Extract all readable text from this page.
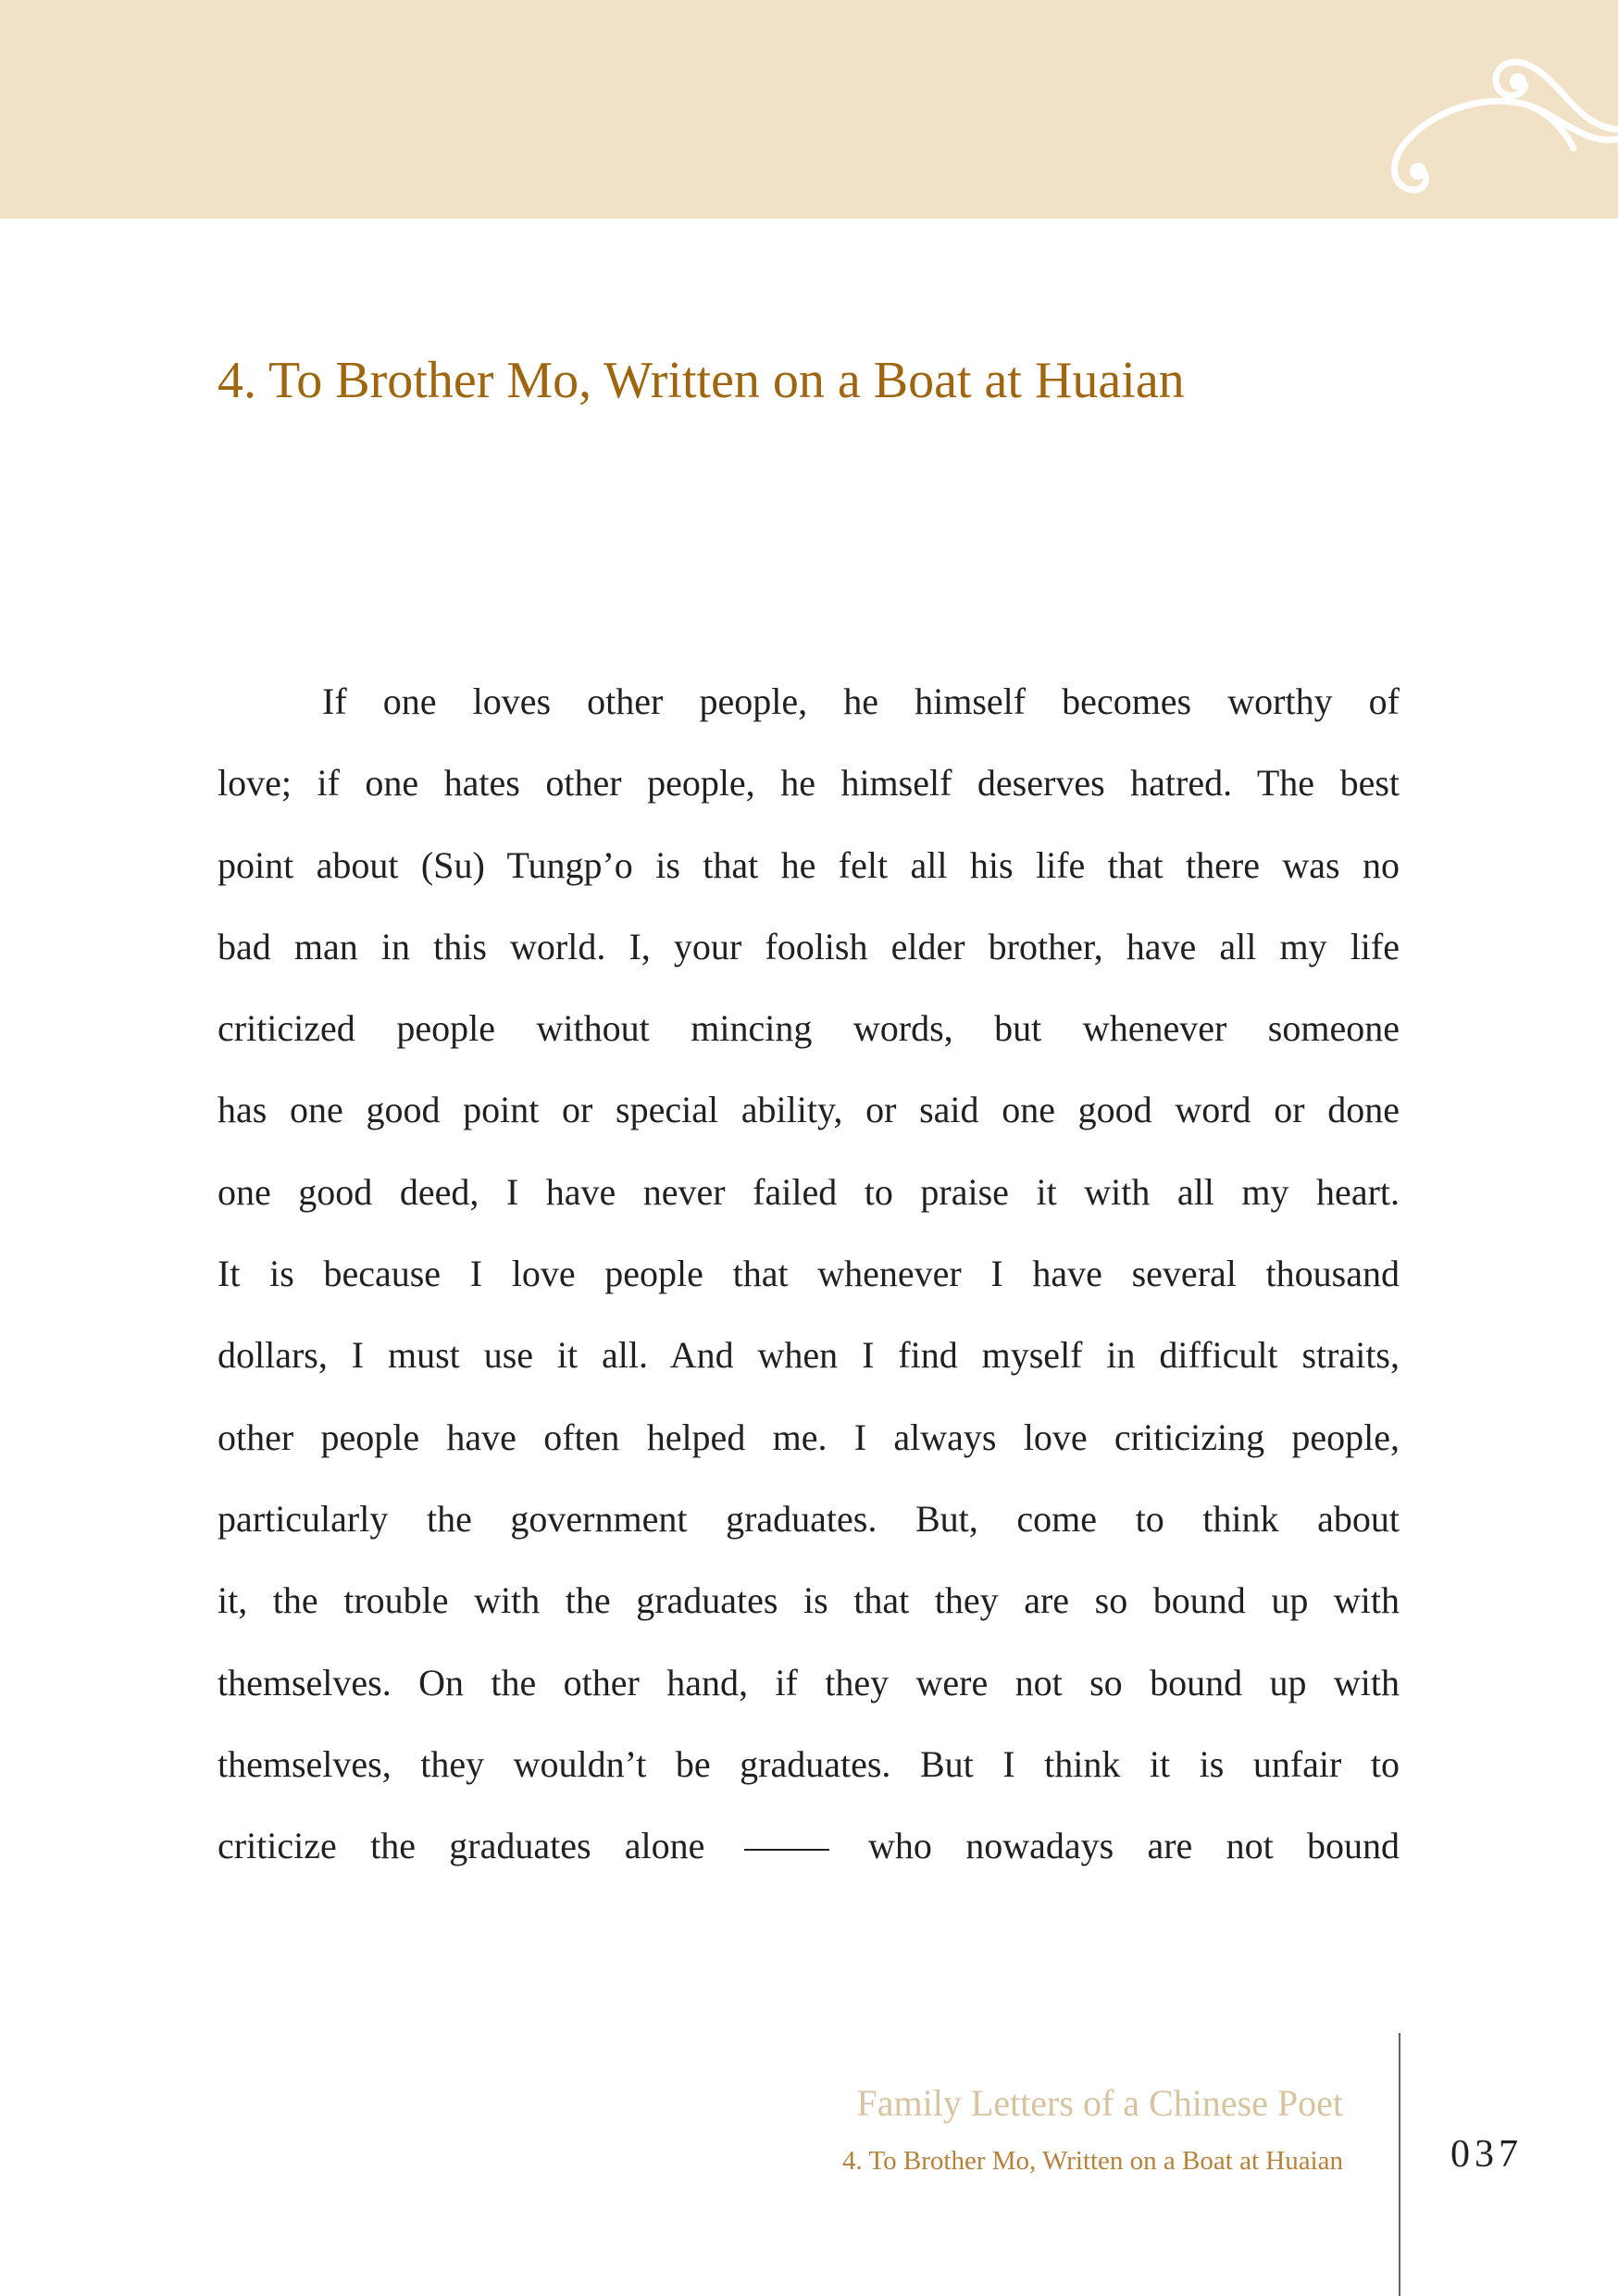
4. To Brother Mo, Written on a Boat at Huaian
If one loves other people, he himself becomes worthy of
love; if one hates other people, he himself deserves hatred. The best
point about (Su) Tungp’o is that he felt all his life that there was no
bad man in this world. I, your foolish elder brother, have all my life
criticized people without mincing words, but whenever someone
has one good point or special ability, or said one good word or done
one good deed, I have never failed to praise it with all my heart.
It is because I love people that whenever I have several thousand
dollars, I must use it all. And when I find myself in difficult straits,
other people have often helped me. I always love criticizing people,
particularly the government graduates. But, come to think about
it, the trouble with the graduates is that they are so bound up with
themselves. On the other hand, if they were not so bound up with
themselves, they wouldn’t be graduates. But I think it is unfair to
criticize the graduates alone	who nowadays are not bound

Family Letters of a Chinese Poet

4. To Brother Mo, Written on a Boat at Huaian	037
